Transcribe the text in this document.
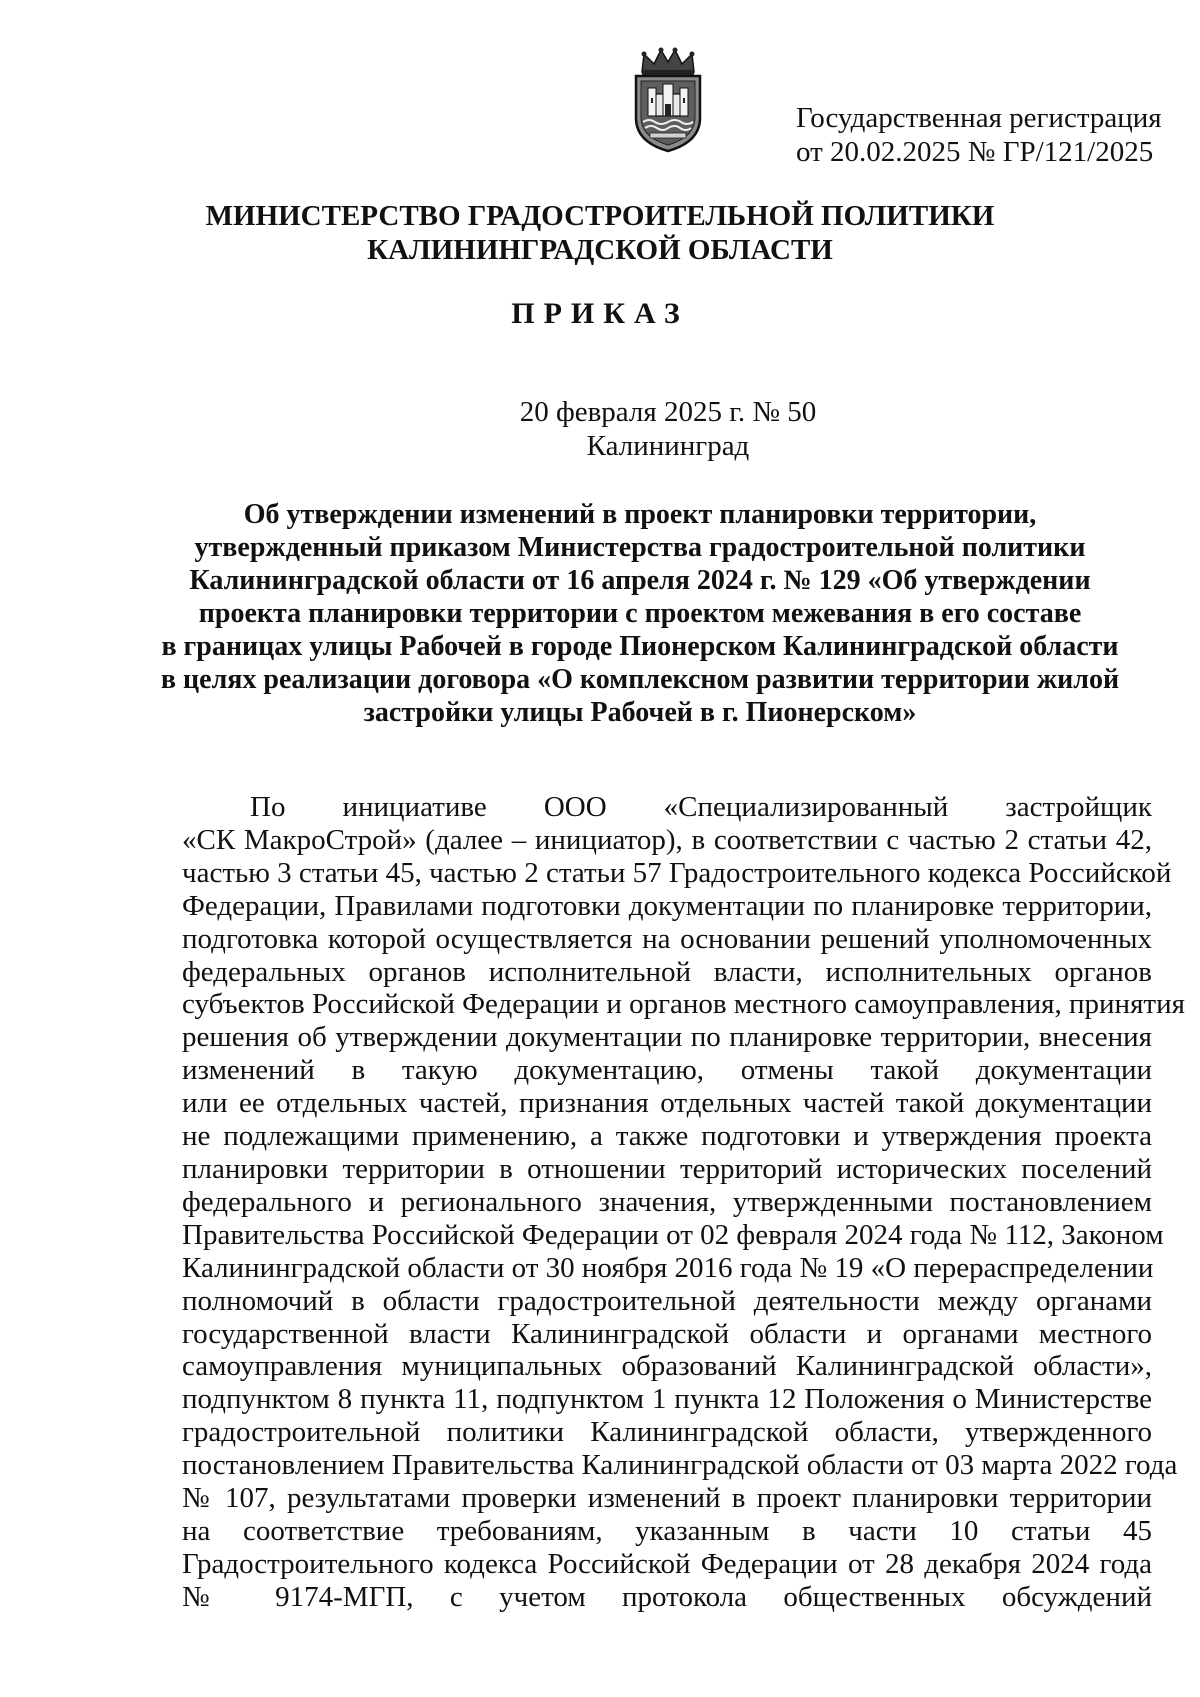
Государственная регистрация
от 20.02.2025 № ГР/121/2025
МИНИСТЕРСТВО ГРАДОСТРОИТЕЛЬНОЙ ПОЛИТИКИ
КАЛИНИНГРАДСКОЙ ОБЛАСТИ
ПРИКАЗ
20 февраля 2025 г. № 50
Калининград
Об утверждении изменений в проект планировки территории,
утвержденный приказом Министерства градостроительной политики
Калининградской области от 16 апреля 2024 г. № 129 «Об утверждении
проекта планировки территории с проектом межевания в его составе
в границах улицы Рабочей в городе Пионерском Калининградской области
в целях реализации договора «О комплексном развитии территории жилой
застройки улицы Рабочей в г. Пионерском»
По инициативе ООО «Специализированный застройщик
«СК МакроСтрой» (далее – инициатор), в соответствии с частью 2 статьи 42,
частью 3 статьи 45, частью 2 статьи 57 Градостроительного кодекса Российской
Федерации, Правилами подготовки документации по планировке территории,
подготовка которой осуществляется на основании решений уполномоченных
федеральных органов исполнительной власти, исполнительных органов
субъектов Российской Федерации и органов местного самоуправления, принятия
решения об утверждении документации по планировке территории, внесения
изменений в такую документацию, отмены такой документации
или ее отдельных частей, признания отдельных частей такой документации
не подлежащими применению, а также подготовки и утверждения проекта
планировки территории в отношении территорий исторических поселений
федерального и регионального значения, утвержденными постановлением
Правительства Российской Федерации от 02 февраля 2024 года № 112, Законом
Калининградской области от 30 ноября 2016 года № 19 «О перераспределении
полномочий в области градостроительной деятельности между органами
государственной власти Калининградской области и органами местного
самоуправления муниципальных образований Калининградской области»,
подпунктом 8 пункта 11, подпунктом 1 пункта 12 Положения о Министерстве
градостроительной политики Калининградской области, утвержденного
постановлением Правительства Калининградской области от 03 марта 2022 года
№ 107, результатами проверки изменений в проект планировки территории
на соответствие требованиям, указанным в части 10 статьи 45
Градостроительного кодекса Российской Федерации от 28 декабря 2024 года
№ 9174-МГП, с учетом протокола общественных обсуждений
